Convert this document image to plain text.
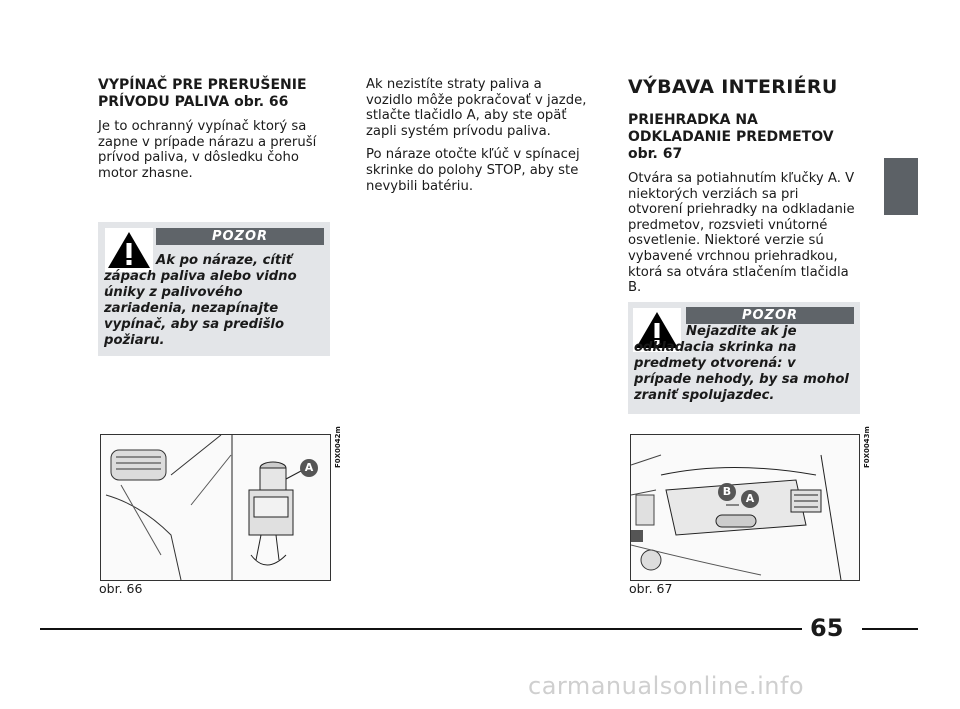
VYPÍNAČ PRE PRERUŠENIE
PRÍVODU PALIVA obr. 66

Je to ochranný vypínač ktorý sa zapne v prípade nárazu a preruší prívod paliva, v dôsledku čoho motor zhasne.

POZOR
Ak po náraze, cítiť zápach paliva alebo vidno úniky z palivového zariadenia, nezapínajte vypínač, aby sa predišlo požiaru.
A	F0X0042m
obr. 66

Ak nezistíte straty paliva a vozidlo môže pokračovať v jazde, stlačte tlačidlo A, aby ste opäť zapli systém prívodu paliva.

Po náraze otočte kľúč v spínacej skrinke do polohy STOP, aby ste nevybili batériu.

VÝBAVA INTERIÉRU

PRIEHRADKA NA
ODKLADANIE PREDMETOV
obr. 67

Otvára sa potiahnutím kľučky A. V niektorých verziách sa pri otvorení priehradky na odkladanie predmetov, rozsvieti vnútorné osvetlenie. Niektoré verzie sú vybavené vrchnou priehradkou, ktorá sa otvára stlačením tlačidla B.

POZOR
Nejazdite ak je odkladacia skrinka na predmety otvorená: v prípade nehody, by sa mohol zraniť spolujazdec.
B
A
F0X0043m
obr. 67
65
carmanualsonline.info
